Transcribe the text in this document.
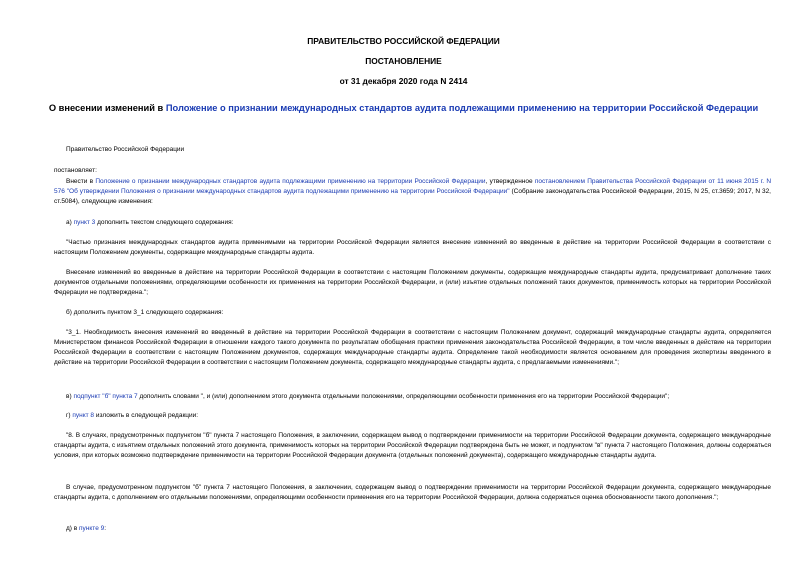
ПРАВИТЕЛЬСТВО РОССИЙСКОЙ ФЕДЕРАЦИИ
ПОСТАНОВЛЕНИЕ
от 31 декабря 2020 года N 2414
О внесении изменений в Положение о признании международных стандартов аудита подлежащими применению на территории Российской Федерации
Правительство Российской Федерации
постановляет:
Внести в Положение о признании международных стандартов аудита подлежащими применению на территории Российской Федерации, утвержденное постановлением Правительства Российской Федерации от 11 июня 2015 г. N 576 "Об утверждении Положения о признании международных стандартов аудита подлежащими применению на территории Российской Федерации" (Собрание законодательства Российской Федерации, 2015, N 25, ст.3659; 2017, N 32, ст.5084), следующие изменения:
а) пункт 3 дополнить текстом следующего содержания:
"Частью признания международных стандартов аудита применимыми на территории Российской Федерации является внесение изменений во введенные в действие на территории Российской Федерации в соответствии с настоящим Положением документы, содержащие международные стандарты аудита.
Внесение изменений во введенные в действие на территории Российской Федерации в соответствии с настоящим Положением документы, содержащие международные стандарты аудита, предусматривает дополнение таких документов отдельными положениями, определяющими особенности их применения на территории Российской Федерации, и (или) изъятие отдельных положений таких документов, применимость которых на территории Российской Федерации не подтверждена.";
б) дополнить пунктом 3_1 следующего содержания:
"3_1. Необходимость внесения изменений во введенный в действие на территории Российской Федерации в соответствии с настоящим Положением документ, содержащий международные стандарты аудита, определяется Министерством финансов Российской Федерации в отношении каждого такого документа по результатам обобщения практики применения законодательства Российской Федерации, в том числе введенных в действие на территории Российской Федерации в соответствии с настоящим Положением документов, содержащих международные стандарты аудита. Определение такой необходимости является основанием для проведения экспертизы введенного в действие на территории Российской Федерации в соответствии с настоящим Положением документа, содержащего международные стандарты аудита, с предлагаемыми изменениями.";
в) подпункт "б" пункта 7 дополнить словами ", и (или) дополнением этого документа отдельными положениями, определяющими особенности применения его на территории Российской Федерации";
г) пункт 8 изложить в следующей редакции:
"8. В случаях, предусмотренных подпунктом "б" пункта 7 настоящего Положения, в заключении, содержащем вывод о подтверждении применимости на территории Российской Федерации документа, содержащего международные стандарты аудита, с изъятием отдельных положений этого документа, применимость которых на территории Российской Федерации подтверждена быть не может, и подпунктом "в" пункта 7 настоящего Положения, должны содержаться условия, при которых возможно подтверждение применимости на территории Российской Федерации документа (отдельных положений документа), содержащего международные стандарты аудита.
В случае, предусмотренном подпунктом "б" пункта 7 настоящего Положения, в заключении, содержащем вывод о подтверждении применимости на территории Российской Федерации документа, содержащего международные стандарты аудита, с дополнением его отдельными положениями, определяющими особенности применения его на территории Российской Федерации, должна содержаться оценка обоснованности такого дополнения.";
д) в пункте 9:
